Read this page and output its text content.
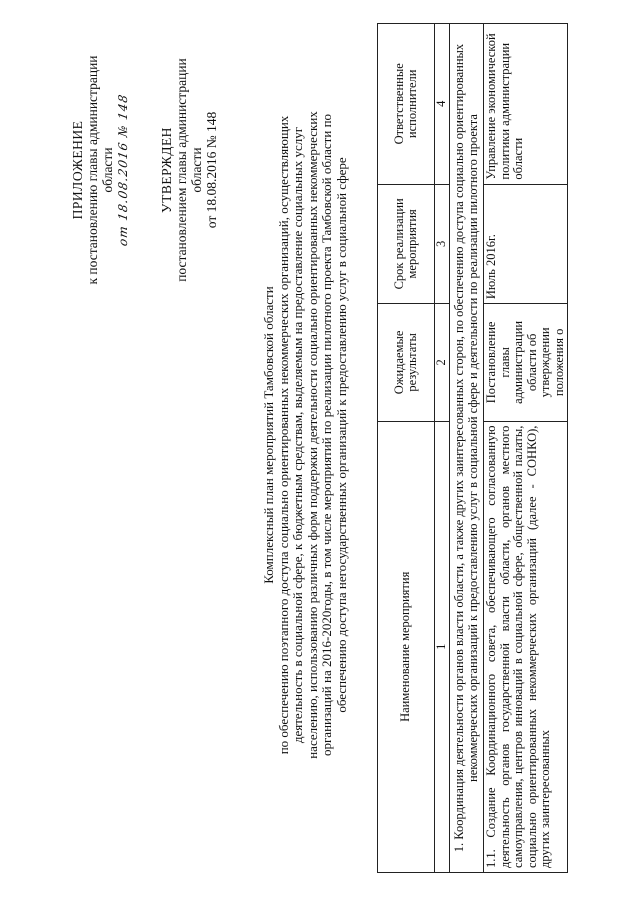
ПРИЛОЖЕНИЕ к постановлению главы администрации области от 18.08.2016 № 148 УТВЕРЖДЕН постановлением главы администрации области от 18.08.2016 № 148
Комплексный план мероприятий Тамбовской области по обеспечению поэтапного доступа социально ориентированных некоммерческих организаций, осуществляющих деятельность в социальной сфере, к бюджетным средствам, выделяемым на предоставление социальных услуг населению, использованию различных форм поддержки деятельности социально ориентированных некоммерческих организаций на 2016-2020годы, в том числе мероприятий по реализации пилотного проекта Тамбовской области по обеспечению доступа негосударственных организаций к предоставлению услуг в социальной сфере	Наименование мероприятия	Ожидаемые результаты	Срок реализации мероприятия	Ответственные исполнители
1	2	3	4
1. Координация деятельности органов власти области, а также других заинтересованных сторон, по обеспечению доступа социально ориентированных некоммерческих организаций к предоставлению услуг в социальной сфере и деятельности по реализации пилотного проекта			
1.1. Создание Координационного совета, обеспечивающего согласованную деятельность органов государственной власти области, органов местного самоуправления, центров инноваций в социальной сфере, общественной палаты, социально ориентированных некоммерческих организаций (далее - СОНКО), других заинтересованных	Постановление главы администрации области об утверждении положения о	Июль 2016г.	Управление экономической политики администрации области
